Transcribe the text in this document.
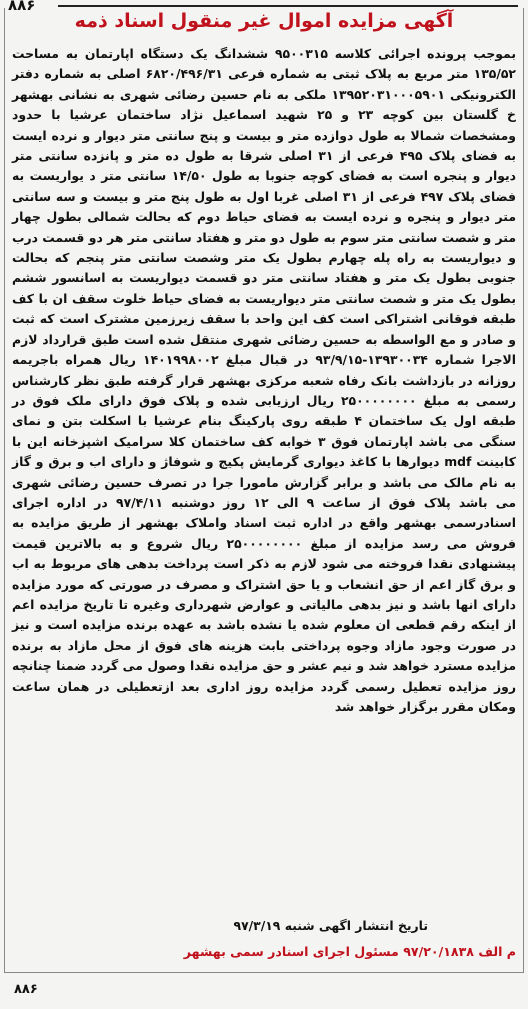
۸۸۶
آگهی مزایده اموال غیر منقول اسناد ذمه

بموجب پرونده اجرائی کلاسه ۹۵۰۰۳۱۵ ششدانگ یک دستگاه اپارتمان به مساحت ۱۳۵/۵۲ متر مربع به پلاک ثبتی به شماره فرعی ۶۸۲۰/۴۹۶/۳۱ اصلی به شماره دفتر الکترونیکی ۱۳۹۵۲۰۳۱۰۰۰۵۹۰۱ ملکی به نام حسین رضائی شهری به نشانی بهشهر خ گلستان بین کوچه ۲۳ و ۲۵ شهید اسماعیل نژاد ساختمان عرشیا با حدود ومشخصات شمالا به طول دوازده متر و بیست و پنج سانتی متر دیوار و نرده ایست به فضای پلاک ۴۹۵ فرعی از ۳۱ اصلی شرقا به طول ده متر و پانزده سانتی متر دیوار و پنجره است به فضای کوچه جنوبا به طول ۱۴/۵۰ سانتی متر د یواریست به فضای پلاک ۴۹۷ فرعی از ۳۱ اصلی غربا اول به طول پنج متر و بیست و سه سانتی متر دیوار و پنجره و نرده ایست به فضای حیاط دوم که بحالت شمالی بطول چهار متر و شصت سانتی متر سوم به طول دو متر و هفتاد سانتی متر هر دو قسمت درب و دیواریست به راه پله چهارم بطول یک متر وشصت سانتی متر پنجم که بحالت جنوبی بطول یک متر و هفتاد سانتی متر دو قسمت دیواریست به اسانسور ششم بطول یک متر و شصت سانتی متر دیواریست به فضای حیاط خلوت سقف ان با کف طبقه فوقانی اشتراکی است کف این واحد با سقف زیرزمین مشترک است که ثبت و صادر و مع الواسطه به حسین رضائی شهری منتقل شده است طبق قرارداد لازم الاجرا شماره ۱۳۹۳۰۰۳۴-۹۳/۹/۱۵ در قبال مبلغ ۱۴۰۱۹۹۸۰۰۲ ریال همراه باجریمه روزانه در بازداشت بانک رفاه شعبه مرکزی بهشهر قرار گرفته طبق نظر کارشناس رسمی به مبلغ ۲۵۰۰۰۰۰۰۰۰ ریال ارزیابی شده و پلاک فوق دارای ملک فوق در طبقه اول یک ساختمان ۴ طبقه روی پارکینگ بنام عرشیا با اسکلت بتن و نمای سنگی می باشد اپارتمان فوق ۳ خوابه کف ساختمان کلا سرامیک اشپزخانه این با کابینت mdf دیوارها با کاغذ دیواری گرمایش پکیج و شوفاژ و دارای اب و برق و گاز به نام مالک می باشد و برابر گزارش مامورا جرا در تصرف حسین رضائی شهری می باشد پلاک فوق از ساعت ۹ الی ۱۲ روز دوشنبه ۹۷/۴/۱۱ در اداره اجرای اسنادرسمی بهشهر واقع در اداره ثبت اسناد واملاک بهشهر از طریق مزایده به فروش می رسد مزایده از مبلغ ۲۵۰۰۰۰۰۰۰۰ ریال شروع و به بالاترین قیمت پیشنهادی نقدا فروخته می شود لازم به ذکر است پرداخت بدهی های مربوط به اب و برق گاز اعم از حق انشعاب و یا حق اشتراک و مصرف در صورتی که مورد مزایده دارای انها باشد و نیز بدهی مالیاتی و عوارض شهرداری وغیره تا تاریخ مزایده اعم از اینکه رقم قطعی ان معلوم شده یا نشده باشد به عهده برنده مزایده است و نیز در صورت وجود مازاد وجوه پرداختی بابت هزینه های فوق از محل مازاد به برنده مزایده مسترد خواهد شد و نیم عشر و حق مزایده نقدا وصول می گردد ضمنا چنانچه روز مزایده تعطیل رسمی گردد مزایده روز اداری بعد ازتعطیلی در همان ساعت ومکان مقرر برگزار خواهد شد

تاریخ انتشار اگهی شنبه ۹۷/۳/۱۹
م الف ۹۷/۲۰/۱۸۳۸ مسئول اجرای اسنادر سمی بهشهر
۸۸۶
